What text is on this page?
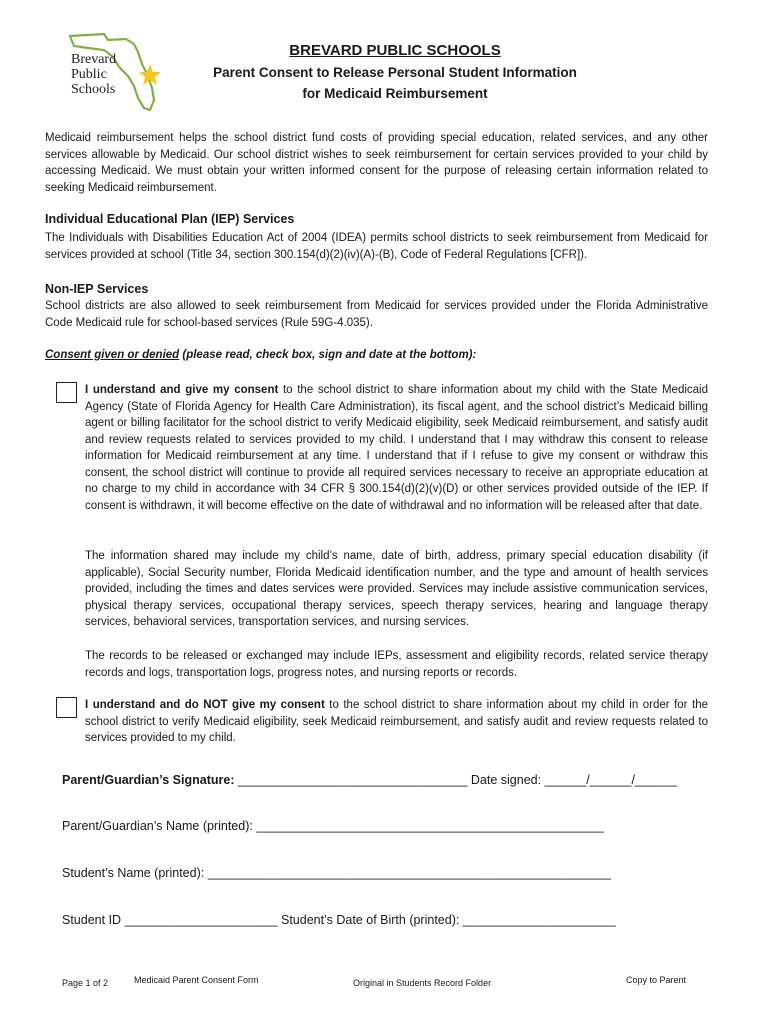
Brevard
Public
Schools
BREVARD PUBLIC SCHOOLS
Parent Consent to Release Personal Student Information
for Medicaid Reimbursement
Medicaid reimbursement helps the school district fund costs of providing special education, related services, and any other services allowable by Medicaid. Our school district wishes to seek reimbursement for certain services provided to your child by accessing Medicaid. We must obtain your written informed consent for the purpose of releasing certain information related to seeking Medicaid reimbursement.
Individual Educational Plan (IEP) Services
The Individuals with Disabilities Education Act of 2004 (IDEA) permits school districts to seek reimbursement from Medicaid for services provided at school (Title 34, section 300.154(d)(2)(iv)(A)-(B), Code of Federal Regulations [CFR]).
Non-IEP Services
School districts are also allowed to seek reimbursement from Medicaid for services provided under the Florida Administrative Code Medicaid rule for school-based services (Rule 59G-4.035).
Consent given or denied (please read, check box, sign and date at the bottom):
I understand and give my consent to the school district to share information about my child with the State Medicaid Agency (State of Florida Agency for Health Care Administration), its fiscal agent, and the school district’s Medicaid billing agent or billing facilitator for the school district to verify Medicaid eligibility, seek Medicaid reimbursement, and satisfy audit and review requests related to services provided to my child. I understand that I may withdraw this consent to release information for Medicaid reimbursement at any time. I understand that if I refuse to give my consent or withdraw this consent, the school district will continue to provide all required services necessary to receive an appropriate education at no charge to my child in accordance with 34 CFR § 300.154(d)(2)(v)(D) or other services provided outside of the IEP. If consent is withdrawn, it will become effective on the date of withdrawal and no information will be released after that date.
The information shared may include my child’s name, date of birth, address, primary special education disability (if applicable), Social Security number, Florida Medicaid identification number, and the type and amount of health services provided, including the times and dates services were provided. Services may include assistive communication services, physical therapy services, occupational therapy services, speech therapy services, hearing and language therapy services, behavioral services, transportation services, and nursing services.
The records to be released or exchanged may include IEPs, assessment and eligibility records, related service therapy records and logs, transportation logs, progress notes, and nursing reports or records.
I understand and do NOT give my consent to the school district to share information about my child in order for the school district to verify Medicaid eligibility, seek Medicaid reimbursement, and satisfy audit and review requests related to services provided to my child.
Parent/Guardian’s Signature: _________________________________ Date signed: ______/______/______
Parent/Guardian’s Name (printed): __________________________________________________
Student’s Name (printed): __________________________________________________________
Student ID ______________________ Student’s Date of Birth (printed): ______________________
Page 1 of 2	Medicaid Parent Consent Form	Original in Students Record Folder	Copy to Parent
